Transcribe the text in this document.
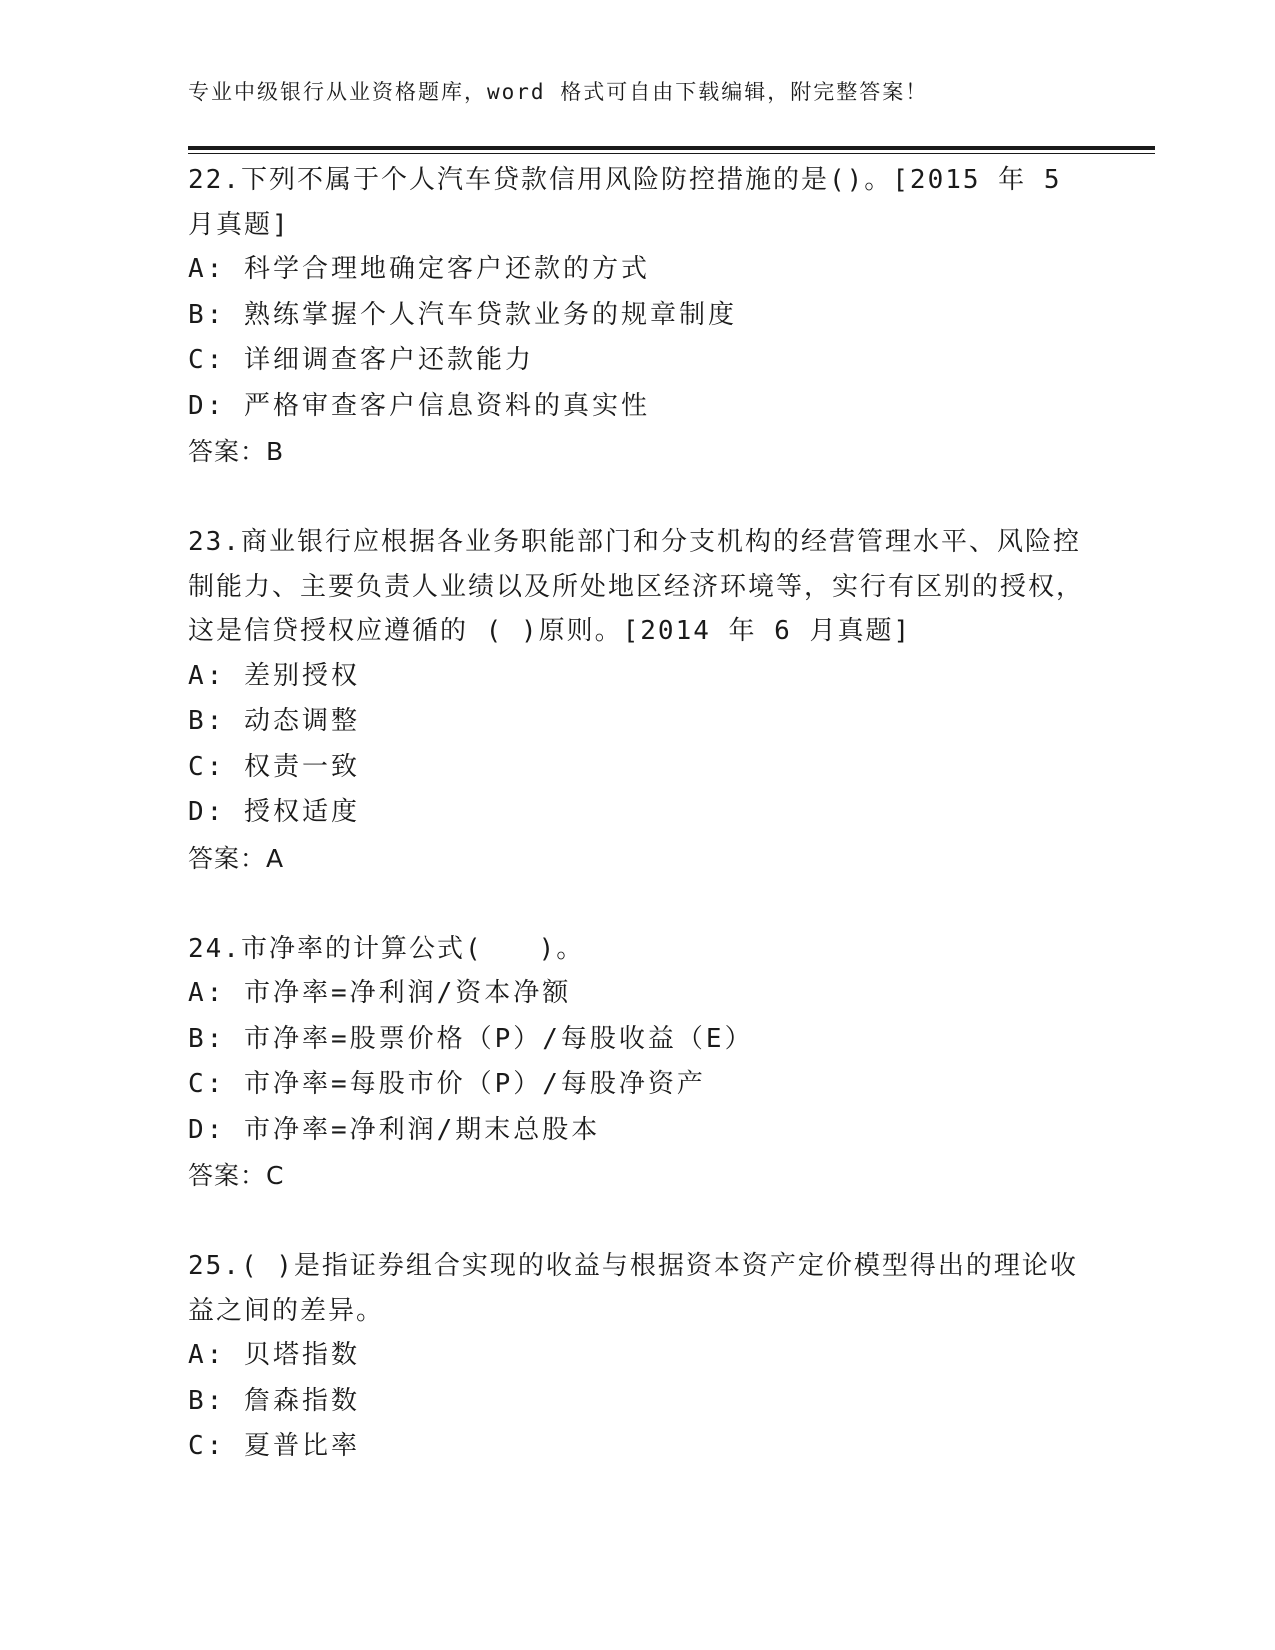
专业中级银行从业资格题库，word 格式可自由下载编辑，附完整答案！

22.下列不属于个人汽车贷款信用风险防控措施的是()。[2015 年 5 月真题]

A: 科学合理地确定客户还款的方式

B: 熟练掌握个人汽车贷款业务的规章制度

C: 详细调查客户还款能力

D: 严格审查客户信息资料的真实性

答案：B

23.商业银行应根据各业务职能部门和分支机构的经营管理水平、风险控制能力、主要负责人业绩以及所处地区经济环境等，实行有区别的授权，这是信贷授权应遵循的 ( )原则。[2014 年 6 月真题]

A: 差别授权

B: 动态调整

C: 权责一致

D: 授权适度

答案：A

24.市净率的计算公式(　　)。

A: 市净率=净利润/资本净额

B: 市净率=股票价格（P）/每股收益（E）

C: 市净率=每股市价（P）/每股净资产

D: 市净率=净利润/期末总股本

答案：C

25.( )是指证券组合实现的收益与根据资本资产定价模型得出的理论收益之间的差异。

A: 贝塔指数

B: 詹森指数

C: 夏普比率
